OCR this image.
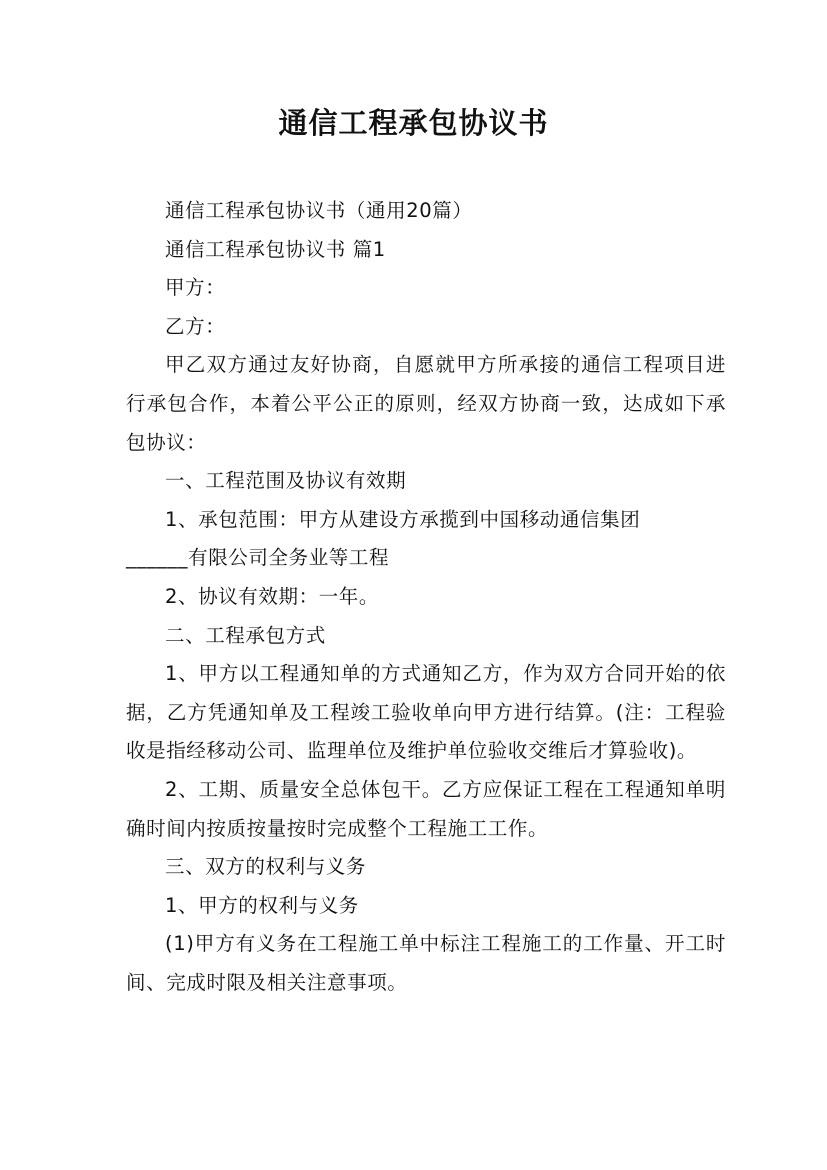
通信工程承包协议书

通信工程承包协议书（通用20篇）

通信工程承包协议书 篇1

甲方：

乙方：

甲乙双方通过友好协商，自愿就甲方所承接的通信工程项目进行承包合作，本着公平公正的原则，经双方协商一致，达成如下承包协议：

一、工程范围及协议有效期

1、承包范围：甲方从建设方承揽到中国移动通信集团

______有限公司全务业等工程

2、协议有效期：一年。

二、工程承包方式

1、甲方以工程通知单的方式通知乙方，作为双方合同开始的依据，乙方凭通知单及工程竣工验收单向甲方进行结算。(注：工程验收是指经移动公司、监理单位及维护单位验收交维后才算验收)。

2、工期、质量安全总体包干。乙方应保证工程在工程通知单明确时间内按质按量按时完成整个工程施工工作。

三、双方的权利与义务

1、甲方的权利与义务

(1)甲方有义务在工程施工单中标注工程施工的工作量、开工时间、完成时限及相关注意事项。
